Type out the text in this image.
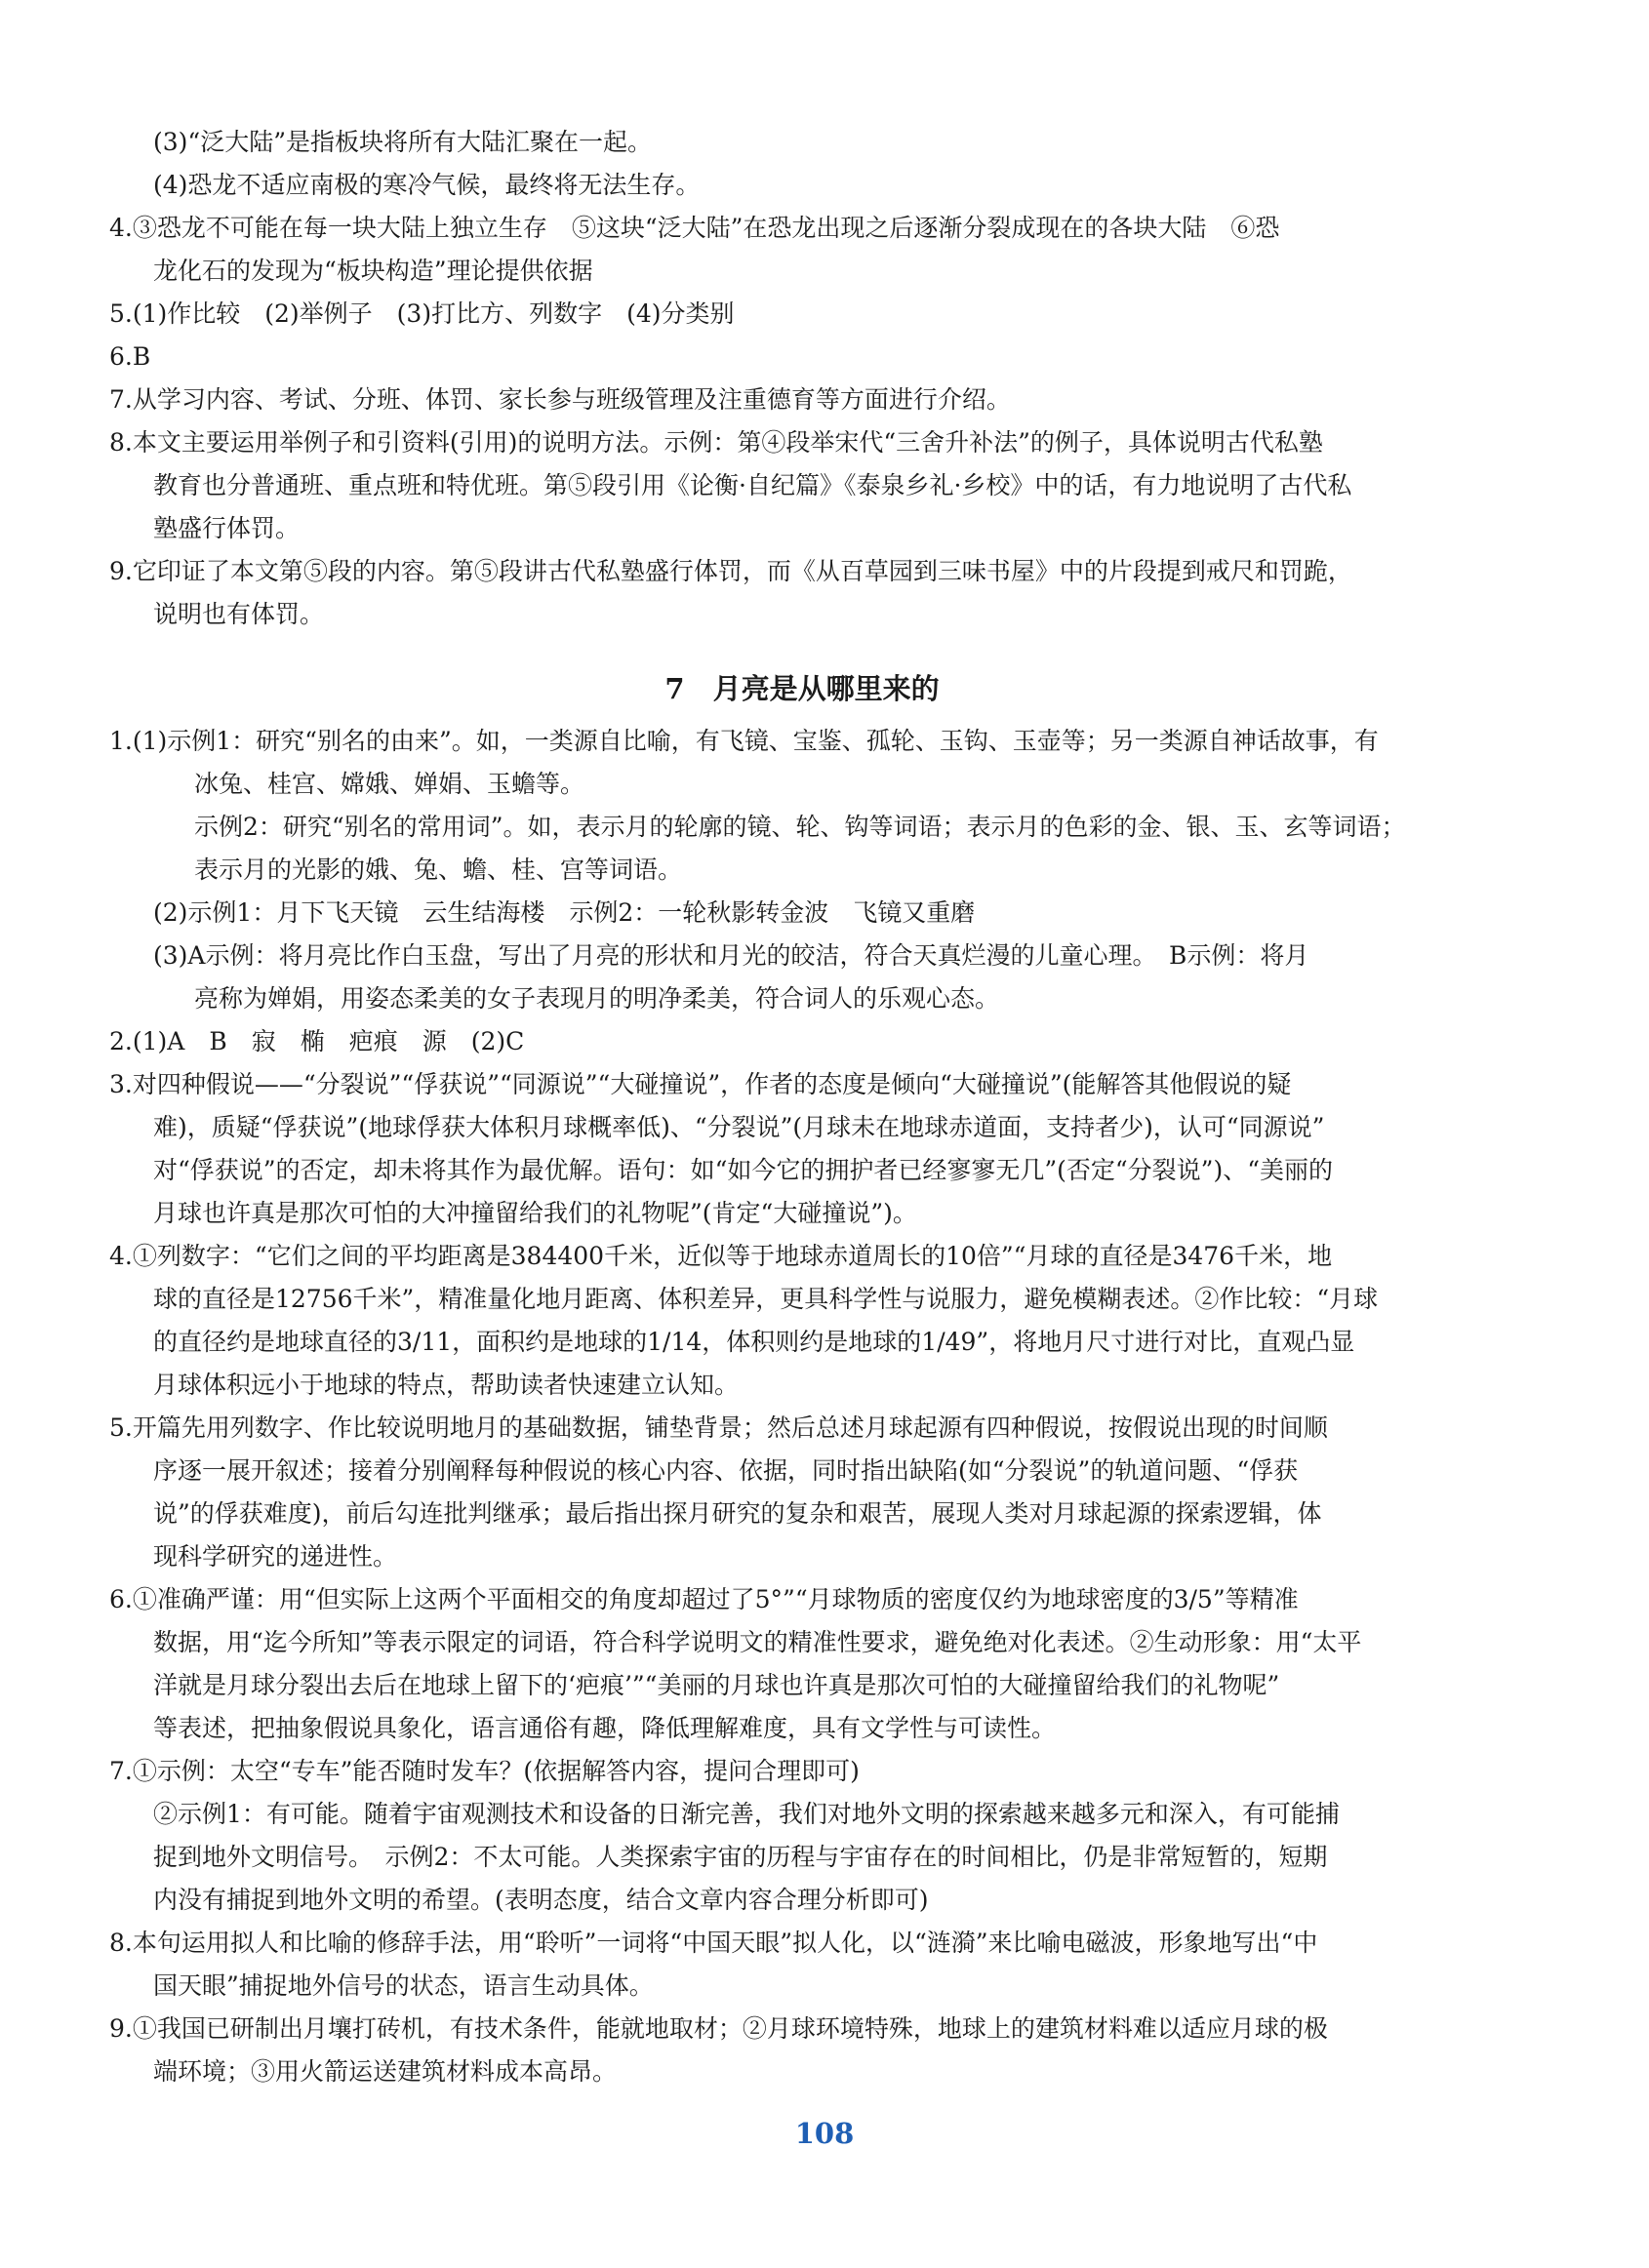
(3)“泛大陆”是指板块将所有大陆汇聚在一起。
(4)恐龙不适应南极的寒冷气候，最终将无法生存。
4.③恐龙不可能在每一块大陆上独立生存　⑤这块“泛大陆”在恐龙出现之后逐渐分裂成现在的各块大陆　⑥恐
龙化石的发现为“板块构造”理论提供依据
5.(1)作比较　(2)举例子　(3)打比方、列数字　(4)分类别
6.B
7.从学习内容、考试、分班、体罚、家长参与班级管理及注重德育等方面进行介绍。
8.本文主要运用举例子和引资料(引用)的说明方法。示例：第④段举宋代“三舍升补法”的例子，具体说明古代私塾
教育也分普通班、重点班和特优班。第⑤段引用《论衡·自纪篇》《泰泉乡礼·乡校》中的话，有力地说明了古代私
塾盛行体罚。
9.它印证了本文第⑤段的内容。第⑤段讲古代私塾盛行体罚，而《从百草园到三味书屋》中的片段提到戒尺和罚跪，
说明也有体罚。
7　月亮是从哪里来的
1.(1)示例1：研究“别名的由来”。如，一类源自比喻，有飞镜、宝鉴、孤轮、玉钩、玉壶等；另一类源自神话故事，有
冰兔、桂宫、嫦娥、婵娟、玉蟾等。
示例2：研究“别名的常用词”。如，表示月的轮廓的镜、轮、钩等词语；表示月的色彩的金、银、玉、玄等词语；
表示月的光影的娥、兔、蟾、桂、宫等词语。
(2)示例1：月下飞天镜　云生结海楼　示例2：一轮秋影转金波　飞镜又重磨
(3)A示例：将月亮比作白玉盘，写出了月亮的形状和月光的皎洁，符合天真烂漫的儿童心理。　B示例：将月
亮称为婵娟，用姿态柔美的女子表现月的明净柔美，符合词人的乐观心态。
2.(1)A　B　寂　椭　疤痕　源　(2)C
3.对四种假说——“分裂说”“俘获说”“同源说”“大碰撞说”，作者的态度是倾向“大碰撞说”(能解答其他假说的疑
难)，质疑“俘获说”(地球俘获大体积月球概率低)、“分裂说”(月球未在地球赤道面，支持者少)，认可“同源说”
对“俘获说”的否定，却未将其作为最优解。语句：如“如今它的拥护者已经寥寥无几”(否定“分裂说”)、“美丽的
月球也许真是那次可怕的大冲撞留给我们的礼物呢”(肯定“大碰撞说”)。
4.①列数字：“它们之间的平均距离是384400千米，近似等于地球赤道周长的10倍”“月球的直径是3476千米，地
球的直径是12756千米”，精准量化地月距离、体积差异，更具科学性与说服力，避免模糊表述。②作比较：“月球
的直径约是地球直径的3/11，面积约是地球的1/14，体积则约是地球的1/49”，将地月尺寸进行对比，直观凸显
月球体积远小于地球的特点，帮助读者快速建立认知。
5.开篇先用列数字、作比较说明地月的基础数据，铺垫背景；然后总述月球起源有四种假说，按假说出现的时间顺
序逐一展开叙述；接着分别阐释每种假说的核心内容、依据，同时指出缺陷(如“分裂说”的轨道问题、“俘获
说”的俘获难度)，前后勾连批判继承；最后指出探月研究的复杂和艰苦，展现人类对月球起源的探索逻辑，体
现科学研究的递进性。
6.①准确严谨：用“但实际上这两个平面相交的角度却超过了5°”“月球物质的密度仅约为地球密度的3/5”等精准
数据，用“迄今所知”等表示限定的词语，符合科学说明文的精准性要求，避免绝对化表述。②生动形象：用“太平
洋就是月球分裂出去后在地球上留下的‘疤痕’”“美丽的月球也许真是那次可怕的大碰撞留给我们的礼物呢”
等表述，把抽象假说具象化，语言通俗有趣，降低理解难度，具有文学性与可读性。
7.①示例：太空“专车”能否随时发车？(依据解答内容，提问合理即可)
②示例1：有可能。随着宇宙观测技术和设备的日渐完善，我们对地外文明的探索越来越多元和深入，有可能捕
捉到地外文明信号。　示例2：不太可能。人类探索宇宙的历程与宇宙存在的时间相比，仍是非常短暂的，短期
内没有捕捉到地外文明的希望。(表明态度，结合文章内容合理分析即可)
8.本句运用拟人和比喻的修辞手法，用“聆听”一词将“中国天眼”拟人化，以“涟漪”来比喻电磁波，形象地写出“中
国天眼”捕捉地外信号的状态，语言生动具体。
9.①我国已研制出月壤打砖机，有技术条件，能就地取材；②月球环境特殊，地球上的建筑材料难以适应月球的极
端环境；③用火箭运送建筑材料成本高昂。
108
